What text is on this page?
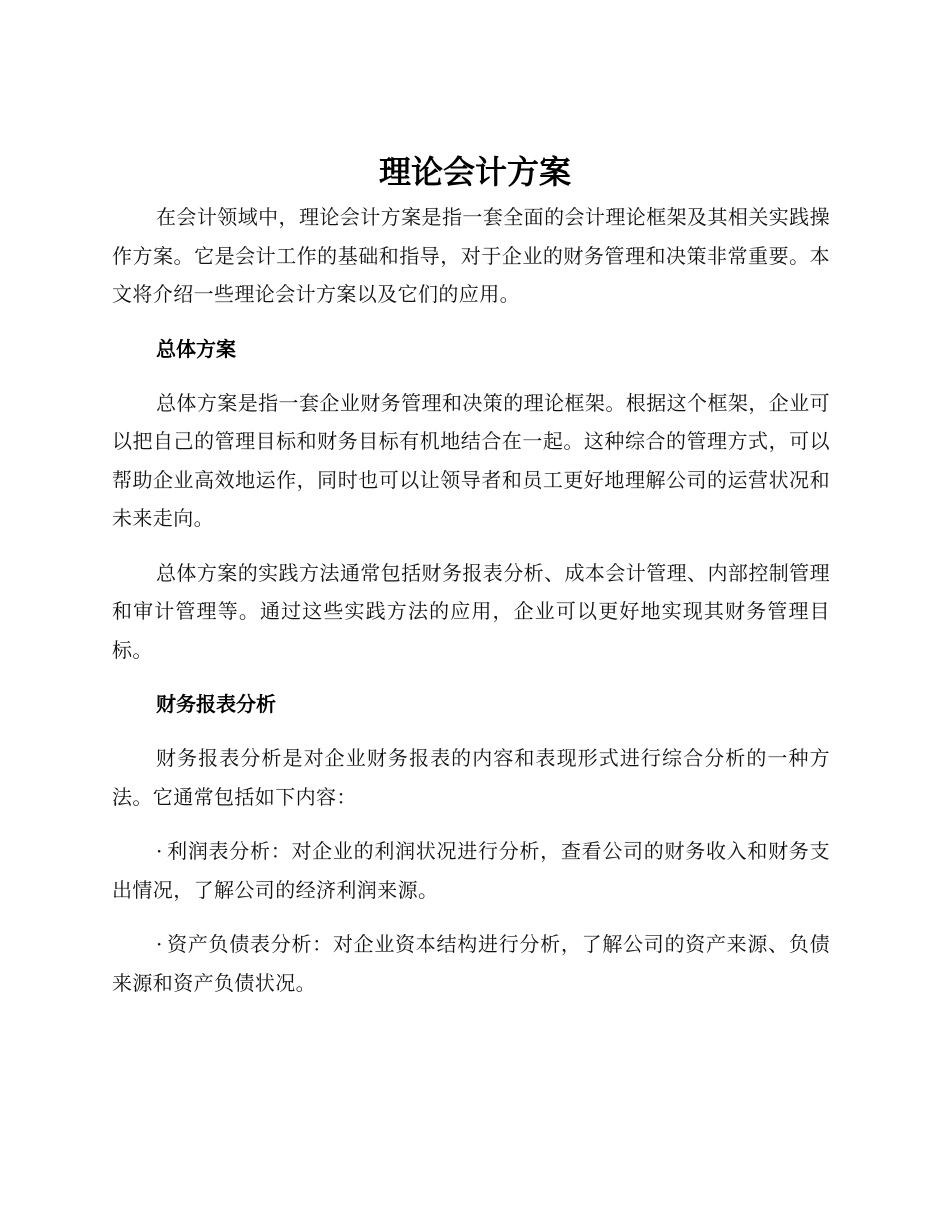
理论会计方案

在会计领域中，理论会计方案是指一套全面的会计理论框架及其相关实践操作方案。它是会计工作的基础和指导，对于企业的财务管理和决策非常重要。本文将介绍一些理论会计方案以及它们的应用。

总体方案

总体方案是指一套企业财务管理和决策的理论框架。根据这个框架，企业可以把自己的管理目标和财务目标有机地结合在一起。这种综合的管理方式，可以帮助企业高效地运作，同时也可以让领导者和员工更好地理解公司的运营状况和未来走向。

总体方案的实践方法通常包括财务报表分析、成本会计管理、内部控制管理和审计管理等。通过这些实践方法的应用，企业可以更好地实现其财务管理目标。

财务报表分析

财务报表分析是对企业财务报表的内容和表现形式进行综合分析的一种方法。它通常包括如下内容：

· 利润表分析：对企业的利润状况进行分析，查看公司的财务收入和财务支出情况，了解公司的经济利润来源。

· 资产负债表分析：对企业资本结构进行分析，了解公司的资产来源、负债来源和资产负债状况。
